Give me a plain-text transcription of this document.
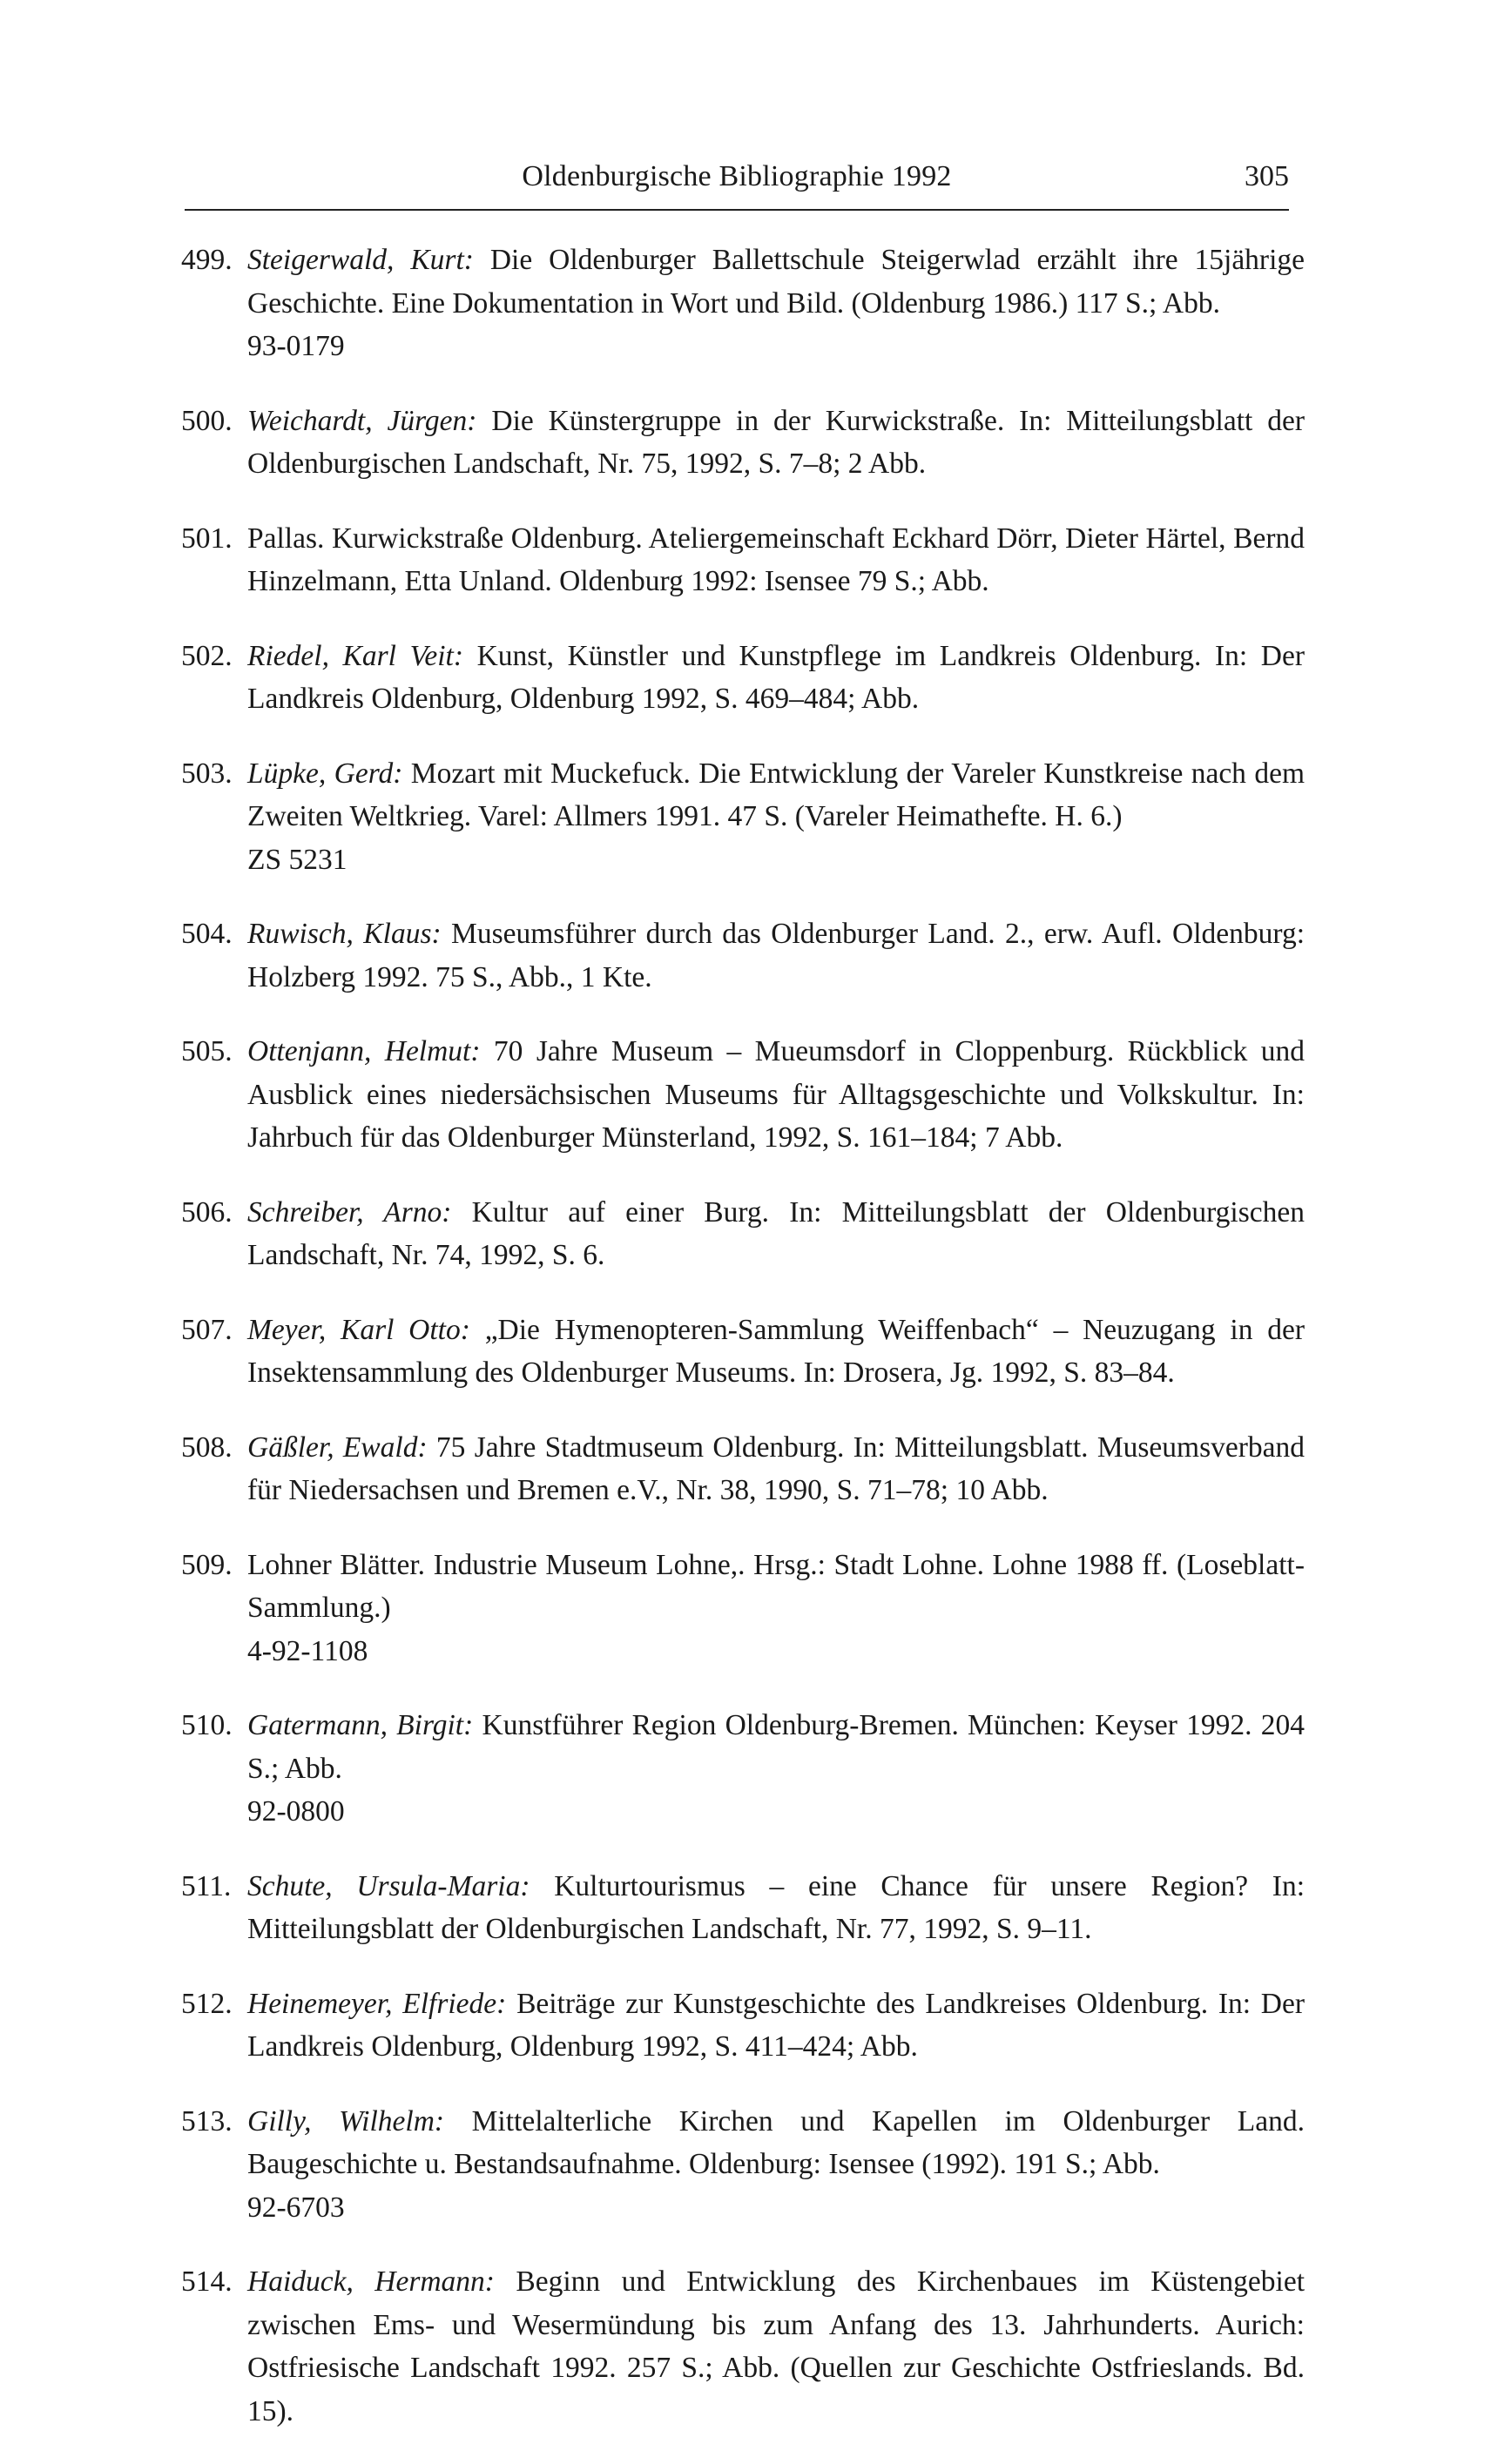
Oldenburgische Bibliographie 1992	305
499. Steigerwald, Kurt: Die Oldenburger Ballettschule Steigerwlad erzählt ihre 15jährige Geschichte. Eine Dokumentation in Wort und Bild. (Oldenburg 1986.) 117 S.; Abb.
93-0179
500. Weichardt, Jürgen: Die Künstergruppe in der Kurwickstraße. In: Mitteilungsblatt der Oldenburgischen Landschaft, Nr. 75, 1992, S. 7–8; 2 Abb.
501. Pallas. Kurwickstraße Oldenburg. Ateliergemeinschaft Eckhard Dörr, Dieter Härtel, Bernd Hinzelmann, Etta Unland. Oldenburg 1992: Isensee 79 S.; Abb.
502. Riedel, Karl Veit: Kunst, Künstler und Kunstpflege im Landkreis Oldenburg. In: Der Landkreis Oldenburg, Oldenburg 1992, S. 469–484; Abb.
503. Lüpke, Gerd: Mozart mit Muckefuck. Die Entwicklung der Vareler Kunstkreise nach dem Zweiten Weltkrieg. Varel: Allmers 1991. 47 S. (Vareler Heimathefte. H. 6.)
ZS 5231
504. Ruwisch, Klaus: Museumsführer durch das Oldenburger Land. 2., erw. Aufl. Oldenburg: Holzberg 1992. 75 S., Abb., 1 Kte.
505. Ottenjann, Helmut: 70 Jahre Museum – Mueumsdorf in Cloppenburg. Rückblick und Ausblick eines niedersächsischen Museums für Alltagsgeschichte und Volkskultur. In: Jahrbuch für das Oldenburger Münsterland, 1992, S. 161–184; 7 Abb.
506. Schreiber, Arno: Kultur auf einer Burg. In: Mitteilungsblatt der Oldenburgischen Landschaft, Nr. 74, 1992, S. 6.
507. Meyer, Karl Otto: „Die Hymenopteren-Sammlung Weiffenbach“ – Neuzugang in der Insektensammlung des Oldenburger Museums. In: Drosera, Jg. 1992, S. 83–84.
508. Gäßler, Ewald: 75 Jahre Stadtmuseum Oldenburg. In: Mitteilungsblatt. Museumsverband für Niedersachsen und Bremen e.V., Nr. 38, 1990, S. 71–78; 10 Abb.
509. Lohner Blätter. Industrie Museum Lohne,. Hrsg.: Stadt Lohne. Lohne 1988 ff. (Loseblatt-Sammlung.)
4-92-1108
510. Gatermann, Birgit: Kunstführer Region Oldenburg-Bremen. München: Keyser 1992. 204 S.; Abb.
92-0800
511. Schute, Ursula-Maria: Kulturtourismus – eine Chance für unsere Region? In: Mitteilungsblatt der Oldenburgischen Landschaft, Nr. 77, 1992, S. 9–11.
512. Heinemeyer, Elfriede: Beiträge zur Kunstgeschichte des Landkreises Oldenburg. In: Der Landkreis Oldenburg, Oldenburg 1992, S. 411–424; Abb.
513. Gilly, Wilhelm: Mittelalterliche Kirchen und Kapellen im Oldenburger Land. Baugeschichte u. Bestandsaufnahme. Oldenburg: Isensee (1992). 191 S.; Abb.
92-6703
514. Haiduck, Hermann: Beginn und Entwicklung des Kirchenbaues im Küstengebiet zwischen Ems- und Wesermündung bis zum Anfang des 13. Jahrhunderts. Aurich: Ostfriesische Landschaft 1992. 257 S.; Abb. (Quellen zur Geschichte Ostfrieslands. Bd. 15).
